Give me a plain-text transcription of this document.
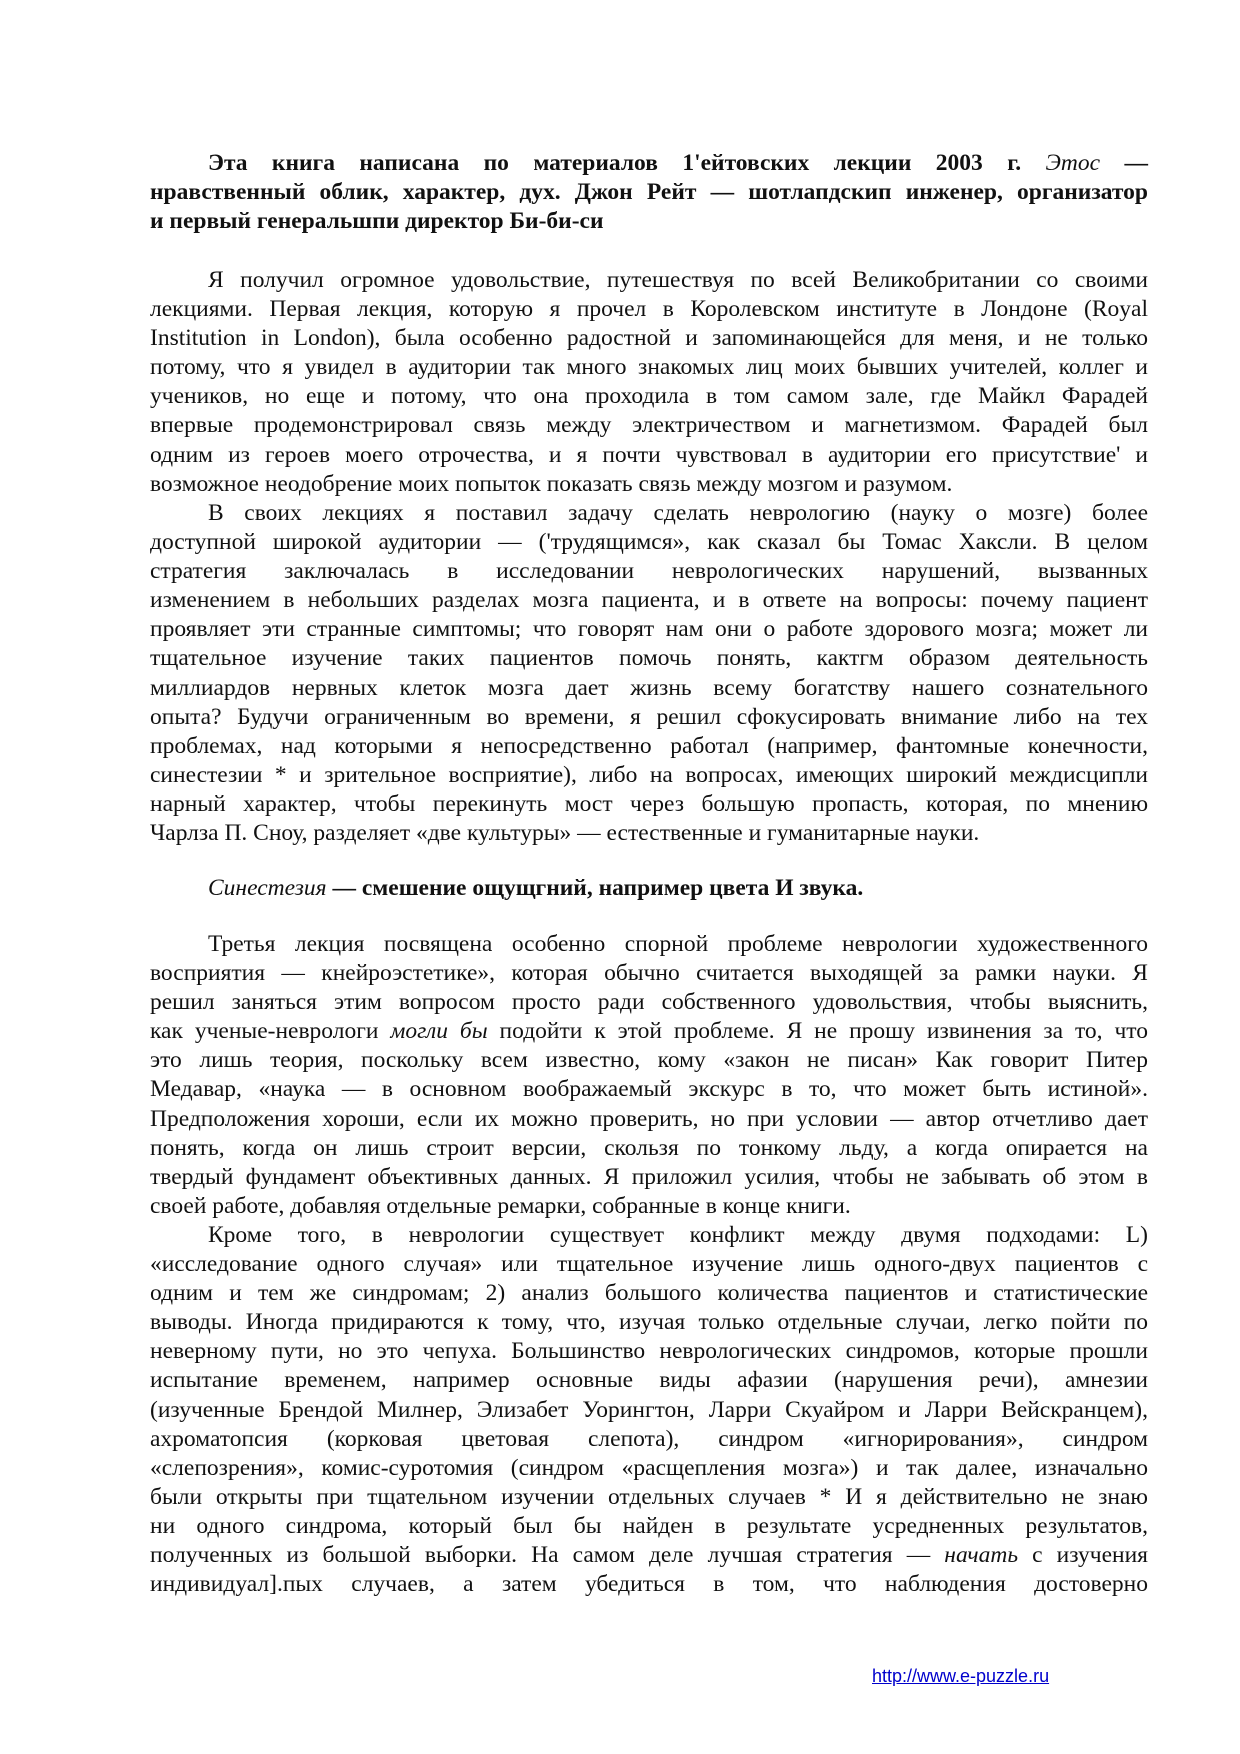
Эта книга написана по материалов 1'ейтовских лекции 2003 г. Этос —
нравственный облик, характер, дух. Джон Рейт — шотлапдскип инженер, организатор
и первый генеральшпи директор Би-би-си
Я получил огромное удовольствие, путешествуя по всей Великобритании со своими
лекциями. Первая лекция, которую я прочел в Королевском институте в Лондоне (Royal
Institution in London), была особенно радостной и запоминающейся для меня, и не только
потому, что я увидел в аудитории так много знакомых лиц моих бывших учителей, коллег и
учеников, но еще и потому, что она проходила в том самом зале, где Майкл Фарадей
впервые продемонстрировал связь между электричеством и магнетизмом. Фарадей был
одним из героев моего отрочества, и я почти чувствовал в аудитории его присутствие' и
возможное неодобрение моих попыток показать связь между мозгом и разумом.
В своих лекциях я поставил задачу сделать неврологию (науку о мозге) более
доступной широкой аудитории — ('трудящимся», как сказал бы Томас Хаксли. В целом
стратегия заключалась в исследовании неврологических нарушений, вызванных
изменением в небольших разделах мозга пациента, и в ответе на вопросы: почему пациент
проявляет эти странные симптомы; что говорят нам они о работе здорового мозга; может ли
тщательное изучение таких пациентов помочь понять, кактгм образом деятельность
миллиардов нервных клеток мозга дает жизнь всему богатству нашего сознательного
опыта? Будучи ограниченным во времени, я решил сфокусировать внимание либо на тех
проблемах, над которыми я непосредственно работал (например, фантомные конечности,
синестезии * и зрительное восприятие), либо на вопросах, имеющих широкий междисципли
нарный характер, чтобы перекинуть мост через большую пропасть, которая, по мнению
Чарлза П. Сноу, разделяет «две культуры» — естественные и гуманитарные науки.
Синестезия — смешение ощущгний, например цвета И звука.
Третья лекция посвящена особенно спорной проблеме неврологии художественного
восприятия — кнейроэстетике», которая обычно считается выходящей за рамки науки. Я
решил заняться этим вопросом просто ради собственного удовольствия, чтобы выяснить,
как ученые-неврологи могли бы подойти к этой проблеме. Я не прошу извинения за то, что
это лишь теория, поскольку всем известно, кому «закон не писан» Как говорит Питер
Медавар, «наука — в основном воображаемый экскурс в то, что может быть истиной».
Предположения хороши, если их можно проверить, но при условии — автор отчетливо дает
понять, когда он лишь строит версии, скользя по тонкому льду, а когда опирается на
твердый фундамент объективных данных. Я приложил усилия, чтобы не забывать об этом в
своей работе, добавляя отдельные ремарки, собранные в конце книги.
Кроме того, в неврологии существует конфликт между двумя подходами: L)
«исследование одного случая» или тщательное изучение лишь одного-двух пациентов с
одним и тем же синдромам; 2) анализ большого количества пациентов и статистические
выводы. Иногда придираются к тому, что, изучая только отдельные случаи, легко пойти по
неверному пути, но это чепуха. Большинство неврологических синдромов, которые прошли
испытание временем, например основные виды афазии (нарушения речи), амнезии
(изученные Брендой Милнер, Элизабет Уорингтон, Ларри Скуайром и Ларри Вейскранцем),
ахроматопсия (корковая цветовая слепота), синдром «игнорирования», синдром
«слепозрения», комис-суротомия (синдром «расщепления мозга») и так далее, изначально
были открыты при тщательном изучении отдельных случаев * И я действительно не знаю
ни одного синдрома, который был бы найден в результате усредненных результатов,
полученных из большой выборки. На самом деле лучшая стратегия — начать с изучения
индивидуал].пых случаев, а затем убедиться в том, что наблюдения достоверно
http://www.e-puzzle.ru
